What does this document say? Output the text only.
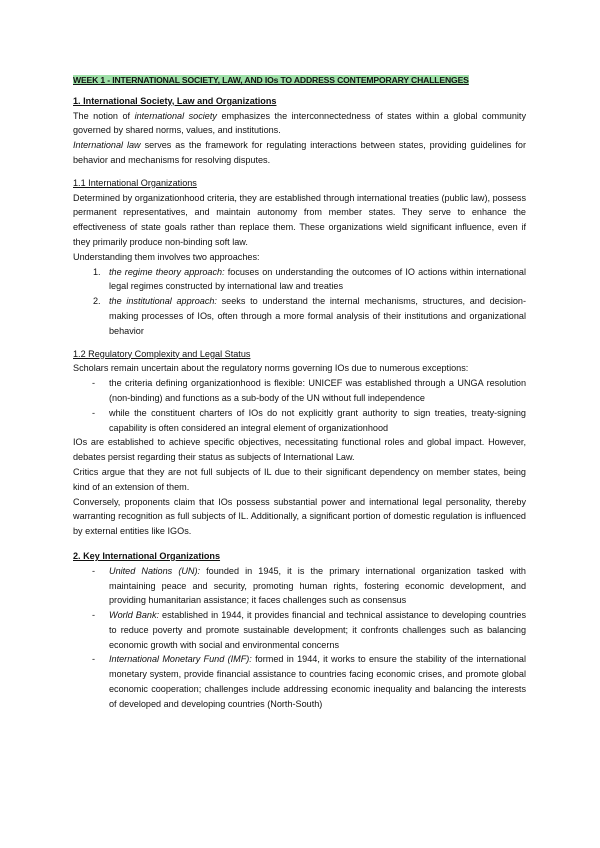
WEEK 1 - INTERNATIONAL SOCIETY, LAW, AND IOs TO ADDRESS CONTEMPORARY CHALLENGES

1. International Society, Law and Organizations

The notion of international society emphasizes the interconnectedness of states within a global community governed by shared norms, values, and institutions.

International law serves as the framework for regulating interactions between states, providing guidelines for behavior and mechanisms for resolving disputes.

1.1 International Organizations

Determined by organizationhood criteria, they are established through international treaties (public law), possess permanent representatives, and maintain autonomy from member states. They serve to enhance the effectiveness of state goals rather than replace them. These organizations wield significant influence, even if they primarily produce non-binding soft law.

Understanding them involves two approaches:

1. the regime theory approach: focuses on understanding the outcomes of IO actions within international legal regimes constructed by international law and treaties
2. the institutional approach: seeks to understand the internal mechanisms, structures, and decision-making processes of IOs, often through a more formal analysis of their institutions and organizational behavior

1.2 Regulatory Complexity and Legal Status

Scholars remain uncertain about the regulatory norms governing IOs due to numerous exceptions:

- the criteria defining organizationhood is flexible: UNICEF was established through a UNGA resolution (non-binding) and functions as a sub-body of the UN without full independence
- while the constituent charters of IOs do not explicitly grant authority to sign treaties, treaty-signing capability is often considered an integral element of organizationhood

IOs are established to achieve specific objectives, necessitating functional roles and global impact. However, debates persist regarding their status as subjects of International Law.

Critics argue that they are not full subjects of IL due to their significant dependency on member states, being kind of an extension of them.

Conversely, proponents claim that IOs possess substantial power and international legal personality, thereby warranting recognition as full subjects of IL. Additionally, a significant portion of domestic regulation is influenced by external entities like IGOs.

2. Key International Organizations

- United Nations (UN): founded in 1945, it is the primary international organization tasked with maintaining peace and security, promoting human rights, fostering economic development, and providing humanitarian assistance; it faces challenges such as consensus
- World Bank: established in 1944, it provides financial and technical assistance to developing countries to reduce poverty and promote sustainable development; it confronts challenges such as balancing economic growth with social and environmental concerns
- International Monetary Fund (IMF): formed in 1944, it works to ensure the stability of the international monetary system, provide financial assistance to countries facing economic crises, and promote global economic cooperation; challenges include addressing economic inequality and balancing the interests of developed and developing countries (North-South)
